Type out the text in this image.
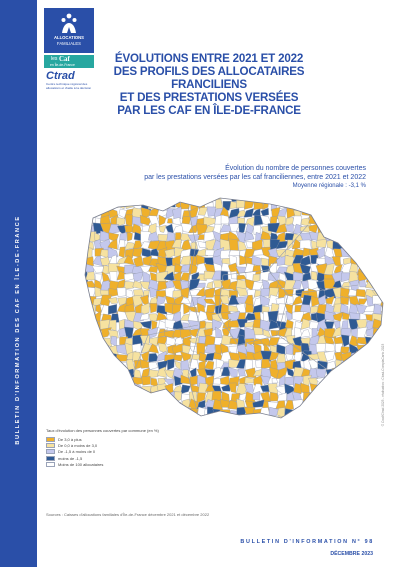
BULLETIN D'INFORMATION DES CAF EN ÎLE-DE-FRANCE
ALLOCATIONS
FAMILIALES
les Caf
en Île-de-France
Ctrad
Centre technique régional des allocations et d'aide à la décision
ÉVOLUTIONS ENTRE 2021 ET 2022
DES PROFILS DES ALLOCATAIRES FRANCILIENS
ET DES PRESTATIONS VERSÉES
PAR LES CAF EN ÎLE-DE-FRANCE
Évolution du nombre de personnes couvertes
par les prestations versées par les caf franciliennes, entre 2021 et 2022
Moyenne régionale : -3,1 %
© Cnaf/Ctrad 2023 - réalisation : Ctrad-ComptaCarto 2023
Taux d'évolution des personnes couvertes par commune (en %)
De 3,0 à plus
De 0,0 à moins de 3,0
De -1,5 à moins de 0
moins de -1,5
Moins de 100 allocataires
Sources : Caisses d'allocations familiales d'Île-de-France décembre 2021 et décembre 2022
BULLETIN D'INFORMATION N° 98
DÉCEMBRE 2023
